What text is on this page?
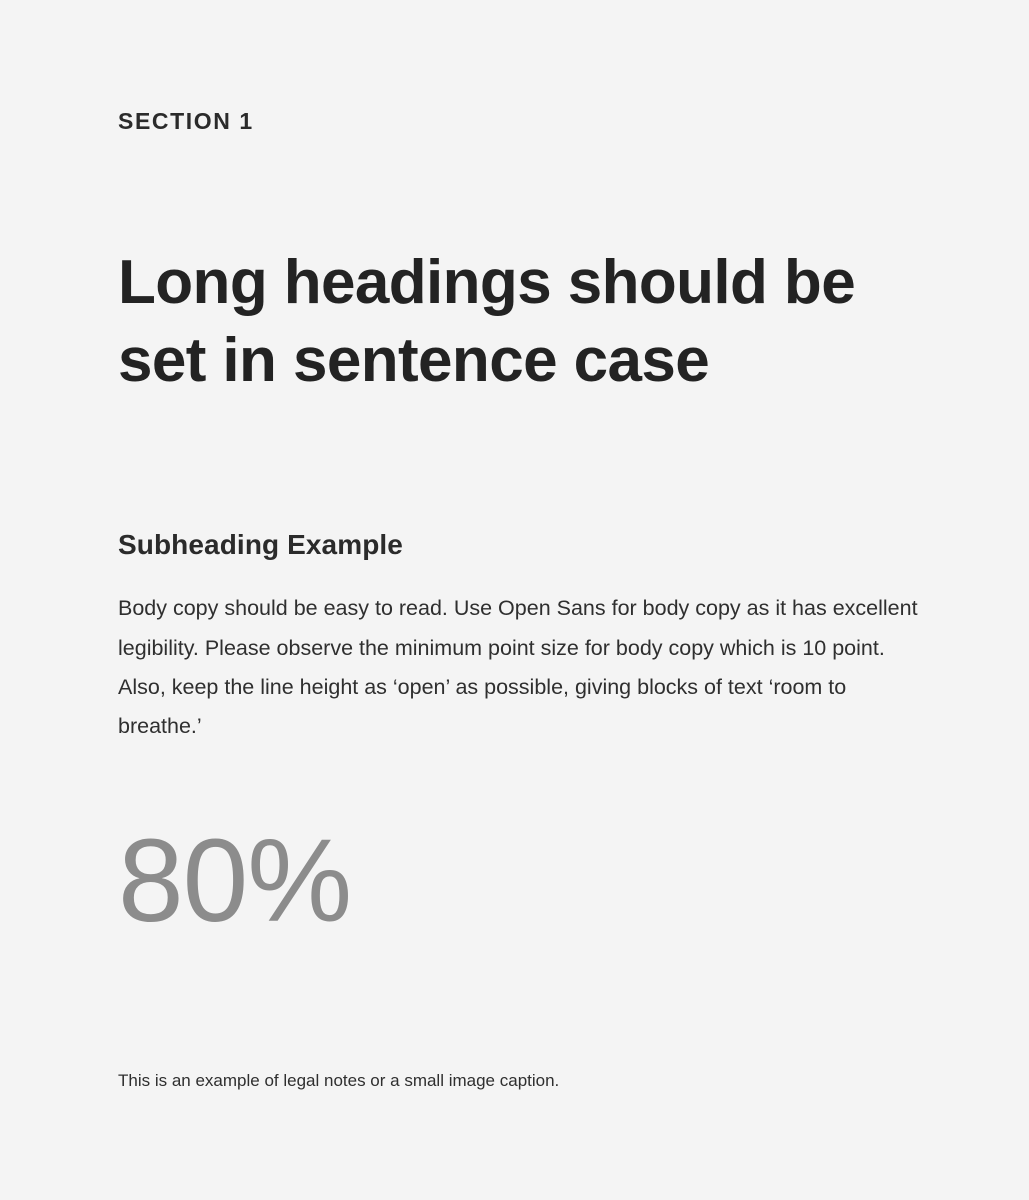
SECTION 1
Long headings should be set in sentence case
Subheading Example

Body copy should be easy to read. Use Open Sans for body copy as it has excellent legibility. Please observe the minimum point size for body copy which is 10 point. Also, keep the line height as ‘open’ as possible, giving blocks of text ‘room to breathe.’

80%
This is an example of legal notes or a small image caption.
